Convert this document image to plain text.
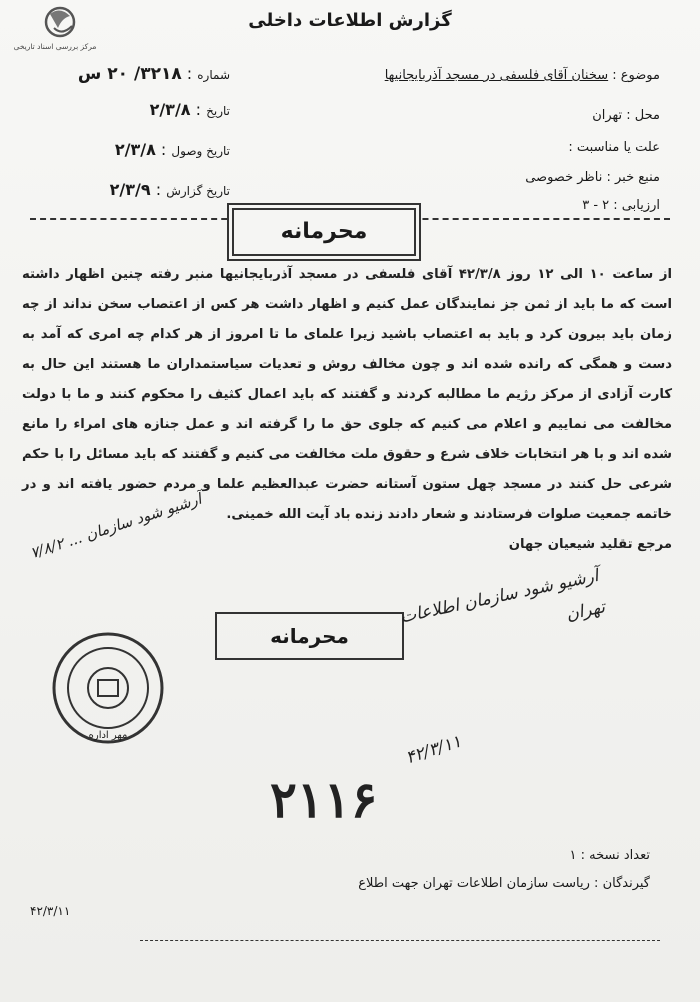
مرکز بررسی اسناد تاریخی
گزارش اطلاعات داخلی
موضوع : سخنان آقای فلسفی در مسجد آذربایجانیها
محل : تهران
علت یا مناسبت :
منبع خبر : ناظر خصوصی
ارزیابی : ۲ - ۳
شماره : ۳۲۱۸/ ۲۰ س
تاریخ : ۲/۳/۸
تاریخ وصول : ۲/۳/۸
تاریخ گزارش : ۲/۳/۹
محرمانه

از ساعت ۱۰ الی ۱۲ روز ۴۲/۳/۸ آقای فلسفی در مسجد آذربایجانیها منبر رفته چنین اظهار داشته است که ما باید از ثمن جز نمایندگان عمل کنیم و اظهار داشت هر کس از اعتصاب سخن نداند از چه زمان باید بیرون کرد و باید به اعتصاب باشید زیرا علمای ما تا امروز از هر کدام چه امری که آمد به دست و همگی که رانده شده اند و چون مخالف روش و تعدیات سیاستمداران ما هستند این حال به کارت آزادی از مرکز رژیم ما مطالبه کردند و گفتند که باید اعمال کثیف را محکوم کنند و ما با دولت مخالفت می نماییم و اعلام می کنیم که جلوی حق ما را گرفته اند و عمل جنازه های امراء را مانع شده اند و با هر انتخابات خلاف شرع و حقوق ملت مخالفت می کنیم و گفتند که باید مسائل را با حکم شرعی حل کنند در مسجد چهل ستون آستانه حضرت عبدالعظیم علما و مردم حضور یافته اند و در خاتمه جمعیت صلوات فرستادند و شعار دادند زنده باد آیت الله خمینی.

مرجع تقلید شیعیان جهان

آرشیو شود سازمان ... ۷/۸/۲
مهر اداره
محرمانه
آرشیو شود سازمان اطلاعات تهران
۴۲/۳/۱۱
۲۱۱۶
تعداد نسخه : ۱
گیرندگان : ریاست سازمان اطلاعات تهران جهت اطلاع
۴۲/۳/۱۱
